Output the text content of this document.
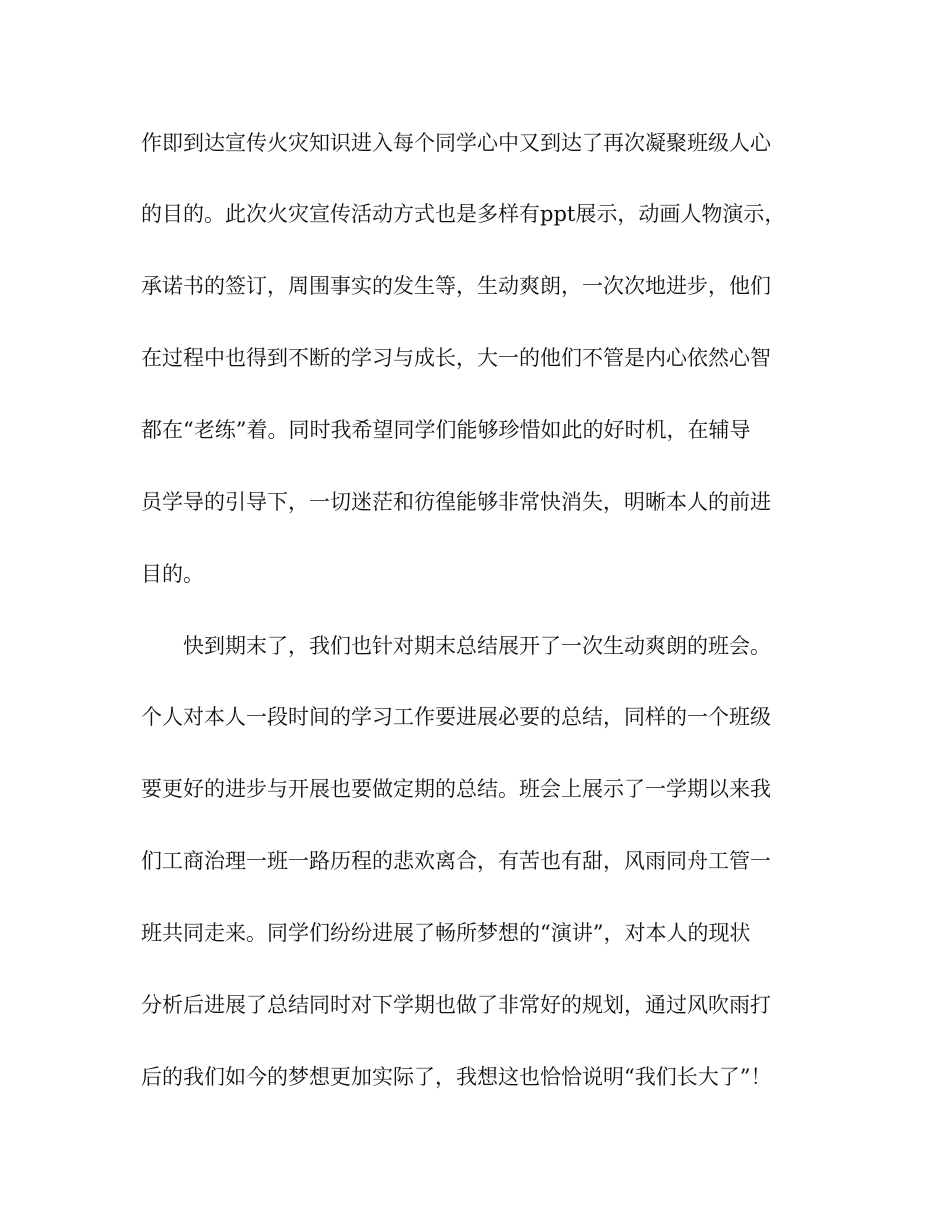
作即到达宣传火灾知识进入每个同学心中又到达了再次凝聚班级人心
的目的。此次火灾宣传活动方式也是多样有ppt展示，动画人物演示，
承诺书的签订，周围事实的发生等，生动爽朗，一次次地进步，他们
在过程中也得到不断的学习与成长，大一的他们不管是内心依然心智
都在“老练”着。同时我希望同学们能够珍惜如此的好时机，在辅导
员学导的引导下，一切迷茫和彷徨能够非常快消失，明晰本人的前进
目的。
　　快到期末了，我们也针对期末总结展开了一次生动爽朗的班会。
个人对本人一段时间的学习工作要进展必要的总结，同样的一个班级
要更好的进步与开展也要做定期的总结。班会上展示了一学期以来我
们工商治理一班一路历程的悲欢离合，有苦也有甜，风雨同舟工管一
班共同走来。同学们纷纷进展了畅所梦想的“演讲”，对本人的现状
分析后进展了总结同时对下学期也做了非常好的规划，通过风吹雨打
后的我们如今的梦想更加实际了，我想这也恰恰说明“我们长大了”！
